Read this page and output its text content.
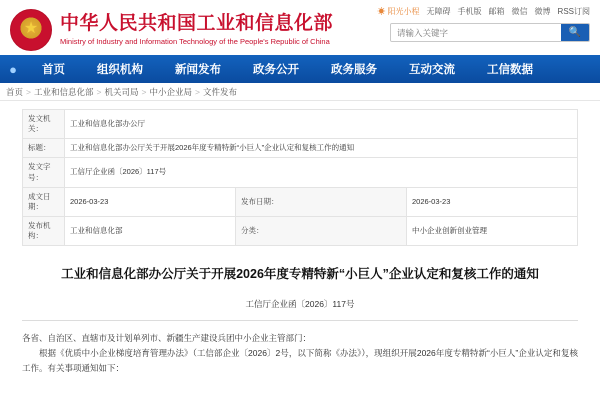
★
中华人民共和国工业和信息化部
Ministry of Industry and Information Technology of the People's Republic of China
☀ 阳光小程 无障碍 手机版 邮箱 微信 微博 RSS订阅
请输入关键字
🔍
●	首页	组织机构	新闻发布	政务公开	政务服务	互动交流	工信数据
首页 > 工业和信息化部 > 机关司局 > 中小企业局 > 文件发布
发文机关：	工业和信息化部办公厅		
标题：	工业和信息化部办公厅关于开展2026年度专精特新“小巨人”企业认定和复核工作的通知		
发文字号：	工信厅企业函〔2026〕117号		
成文日期：	2026-03-23	发布日期：	2026-03-23
发布机构：	工业和信息化部	分类：	中小企业创新创业管理
工业和信息化部办公厅关于开展2026年度专精特新“小巨人”企业认定和复核工作的通知
工信厅企业函〔2026〕117号
各省、自治区、直辖市及计划单列市、新疆生产建设兵团中小企业主管部门：
根据《优质中小企业梯度培育管理办法》（工信部企业〔2026〕2号，以下简称《办法》），现组织开展2026年度专精特新“小巨人”企业认定和复核工作。有关事项通知如下：
